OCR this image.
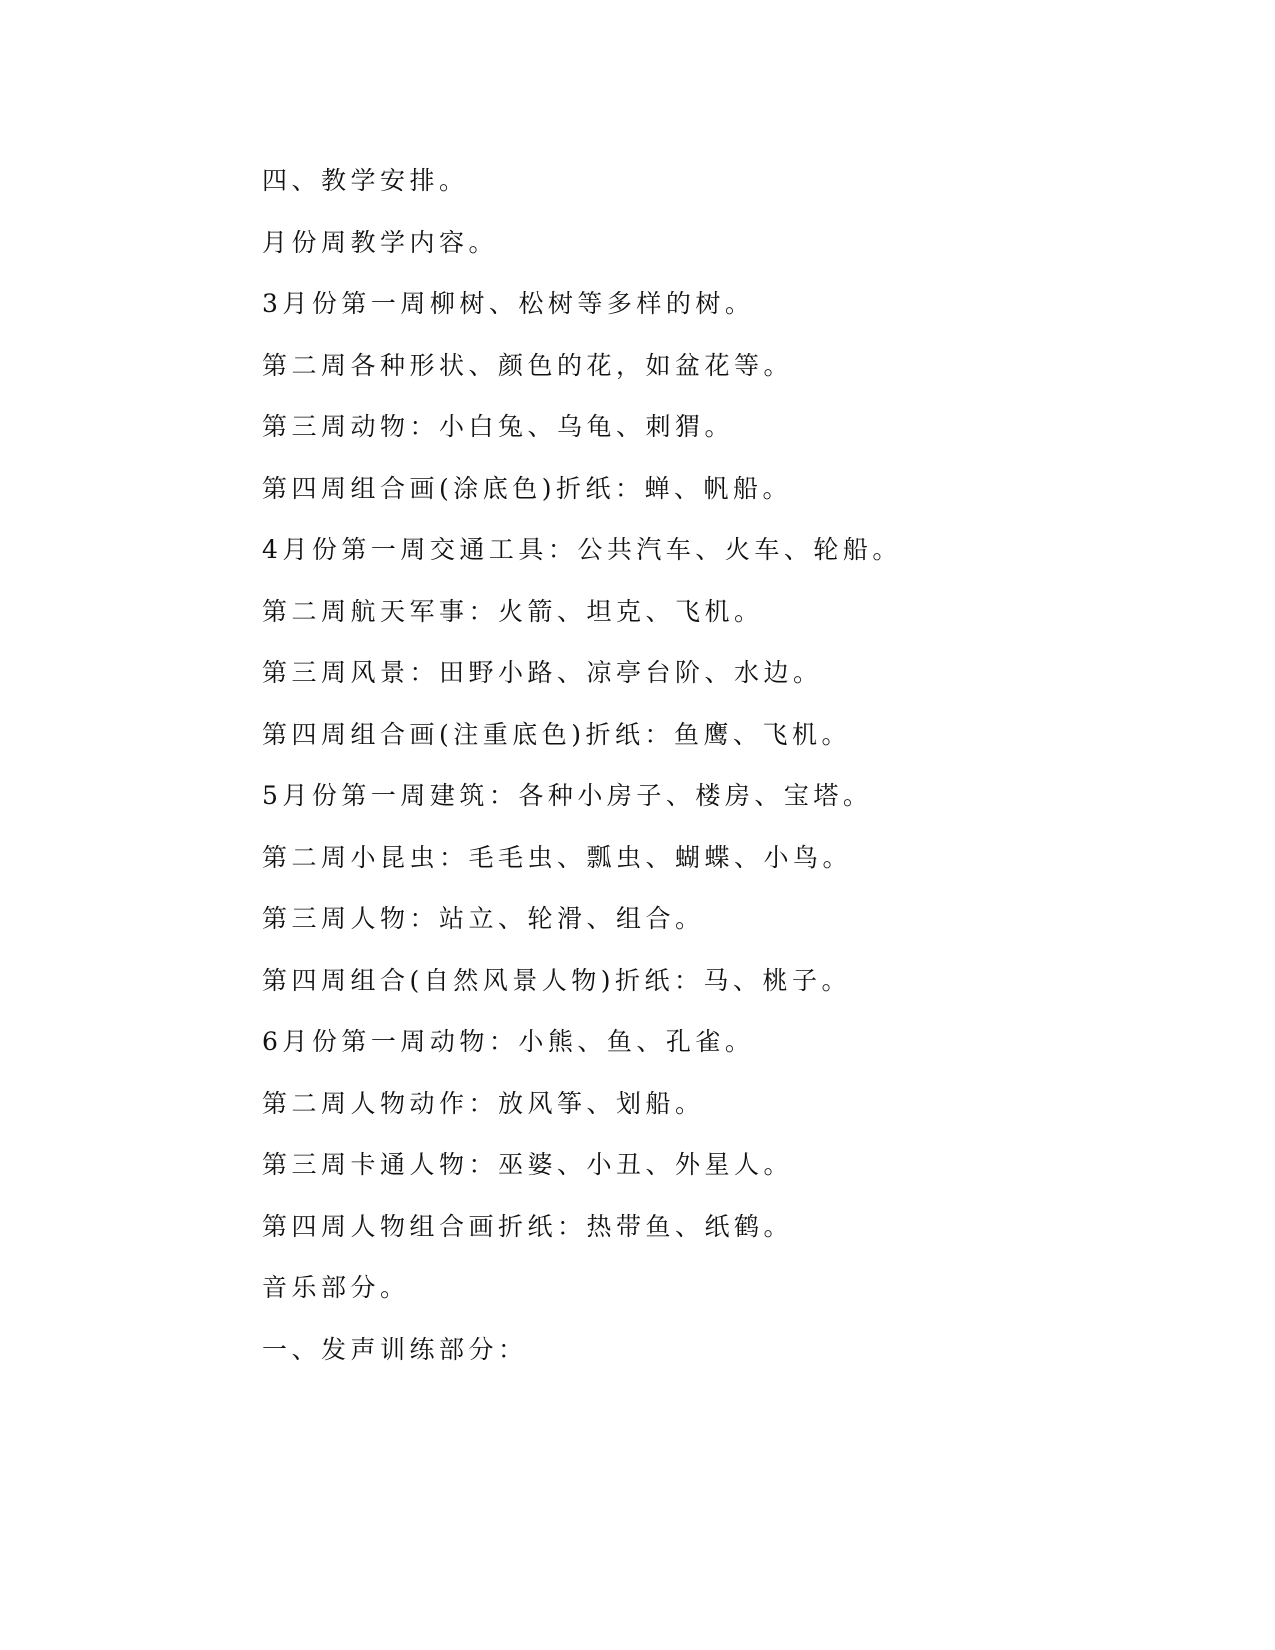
四、教学安排。
月份周教学内容。
3月份第一周柳树、松树等多样的树。
第二周各种形状、颜色的花，如盆花等。
第三周动物：小白兔、乌龟、刺猬。
第四周组合画(涂底色)折纸：蝉、帆船。
4月份第一周交通工具：公共汽车、火车、轮船。
第二周航天军事：火箭、坦克、飞机。
第三周风景：田野小路、凉亭台阶、水边。
第四周组合画(注重底色)折纸：鱼鹰、飞机。
5月份第一周建筑：各种小房子、楼房、宝塔。
第二周小昆虫：毛毛虫、瓢虫、蝴蝶、小鸟。
第三周人物：站立、轮滑、组合。
第四周组合(自然风景人物)折纸：马、桃子。
6月份第一周动物：小熊、鱼、孔雀。
第二周人物动作：放风筝、划船。
第三周卡通人物：巫婆、小丑、外星人。
第四周人物组合画折纸：热带鱼、纸鹤。
音乐部分。
一、发声训练部分：
